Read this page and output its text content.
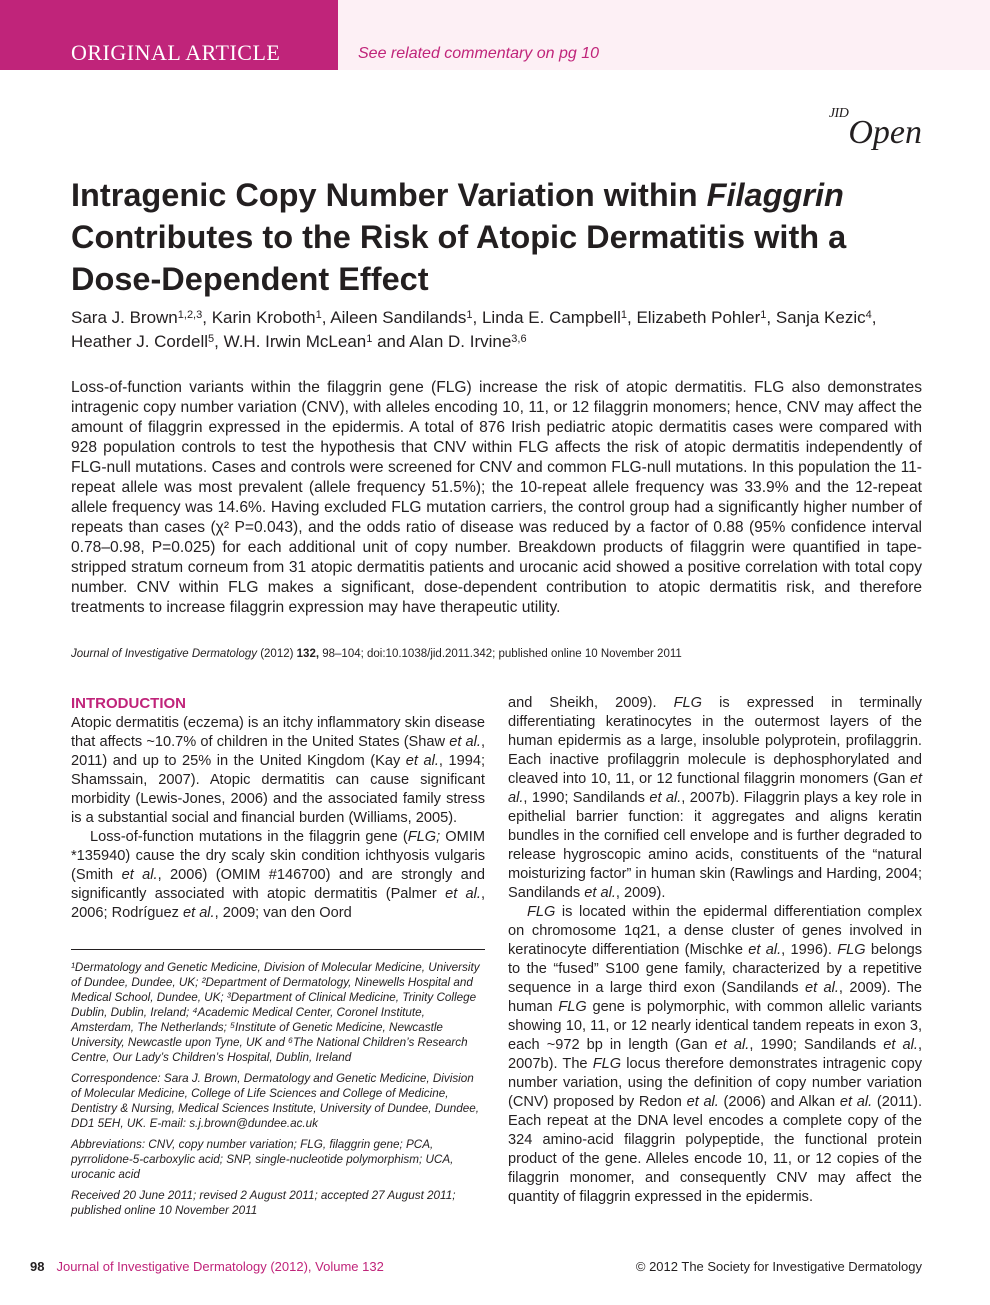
ORIGINAL ARTICLE	See related commentary on pg 10
$^{JID}$Open
Intragenic Copy Number Variation within Filaggrin Contributes to the Risk of Atopic Dermatitis with a Dose-Dependent Effect
Sara J. Brown$^{1,2,3}$, Karin Kroboth$^1$, Aileen Sandilands$^1$, Linda E. Campbell$^1$, Elizabeth Pohler$^1$, Sanja Kezic$^4$, Heather J. Cordell$^5$, W.H. Irwin McLean$^1$ and Alan D. Irvine$^{3,6}$
Loss-of-function variants within the filaggrin gene (FLG) increase the risk of atopic dermatitis. FLG also demonstrates intragenic copy number variation (CNV), with alleles encoding 10, 11, or 12 filaggrin monomers; hence, CNV may affect the amount of filaggrin expressed in the epidermis. A total of 876 Irish pediatric atopic dermatitis cases were compared with 928 population controls to test the hypothesis that CNV within FLG affects the risk of atopic dermatitis independently of FLG-null mutations. Cases and controls were screened for CNV and common FLG-null mutations. In this population the 11-repeat allele was most prevalent (allele frequency 51.5%); the 10-repeat allele frequency was 33.9% and the 12-repeat allele frequency was 14.6%. Having excluded FLG mutation carriers, the control group had a significantly higher number of repeats than cases (χ² P=0.043), and the odds ratio of disease was reduced by a factor of 0.88 (95% confidence interval 0.78–0.98, P=0.025) for each additional unit of copy number. Breakdown products of filaggrin were quantified in tape-stripped stratum corneum from 31 atopic dermatitis patients and urocanic acid showed a positive correlation with total copy number. CNV within FLG makes a significant, dose-dependent contribution to atopic dermatitis risk, and therefore treatments to increase filaggrin expression may have therapeutic utility.
Journal of Investigative Dermatology (2012) 132, 98–104; doi:10.1038/jid.2011.342; published online 10 November 2011
INTRODUCTION

Atopic dermatitis (eczema) is an itchy inflammatory skin disease that affects ~10.7% of children in the United States (Shaw et al., 2011) and up to 25% in the United Kingdom (Kay et al., 1994; Shamssain, 2007). Atopic dermatitis can cause significant morbidity (Lewis-Jones, 2006) and the associated family stress is a substantial social and financial burden (Williams, 2005).

Loss-of-function mutations in the filaggrin gene (FLG; OMIM *135940) cause the dry scaly skin condition ichthyosis vulgaris (Smith et al., 2006) (OMIM #146700) and are strongly and significantly associated with atopic dermatitis (Palmer et al., 2006; Rodríguez et al., 2009; van den Oord

¹Dermatology and Genetic Medicine, Division of Molecular Medicine, University of Dundee, Dundee, UK; ²Department of Dermatology, Ninewells Hospital and Medical School, Dundee, UK; ³Department of Clinical Medicine, Trinity College Dublin, Dublin, Ireland; ⁴Academic Medical Center, Coronel Institute, Amsterdam, The Netherlands; ⁵Institute of Genetic Medicine, Newcastle University, Newcastle upon Tyne, UK and ⁶The National Children’s Research Centre, Our Lady’s Children’s Hospital, Dublin, Ireland

Correspondence: Sara J. Brown, Dermatology and Genetic Medicine, Division of Molecular Medicine, College of Life Sciences and College of Medicine, Dentistry & Nursing, Medical Sciences Institute, University of Dundee, Dundee, DD1 5EH, UK. E-mail: s.j.brown@dundee.ac.uk

Abbreviations: CNV, copy number variation; FLG, filaggrin gene; PCA, pyrrolidone-5-carboxylic acid; SNP, single-nucleotide polymorphism; UCA, urocanic acid

Received 20 June 2011; revised 2 August 2011; accepted 27 August 2011; published online 10 November 2011

and Sheikh, 2009). FLG is expressed in terminally differentiating keratinocytes in the outermost layers of the human epidermis as a large, insoluble polyprotein, profilaggrin. Each inactive profilaggrin molecule is dephosphorylated and cleaved into 10, 11, or 12 functional filaggrin monomers (Gan et al., 1990; Sandilands et al., 2007b). Filaggrin plays a key role in epithelial barrier function: it aggregates and aligns keratin bundles in the cornified cell envelope and is further degraded to release hygroscopic amino acids, constituents of the “natural moisturizing factor” in human skin (Rawlings and Harding, 2004; Sandilands et al., 2009).

FLG is located within the epidermal differentiation complex on chromosome 1q21, a dense cluster of genes involved in keratinocyte differentiation (Mischke et al., 1996). FLG belongs to the “fused” S100 gene family, characterized by a repetitive sequence in a large third exon (Sandilands et al., 2009). The human FLG gene is polymorphic, with common allelic variants showing 10, 11, or 12 nearly identical tandem repeats in exon 3, each ~972 bp in length (Gan et al., 1990; Sandilands et al., 2007b). The FLG locus therefore demonstrates intragenic copy number variation, using the definition of copy number variation (CNV) proposed by Redon et al. (2006) and Alkan et al. (2011). Each repeat at the DNA level encodes a complete copy of the 324 amino-acid filaggrin polypeptide, the functional protein product of the gene. Alleles encode 10, 11, or 12 copies of the filaggrin monomer, and consequently CNV may affect the quantity of filaggrin expressed in the epidermis.

98 Journal of Investigative Dermatology (2012), Volume 132	© 2012 The Society for Investigative Dermatology
